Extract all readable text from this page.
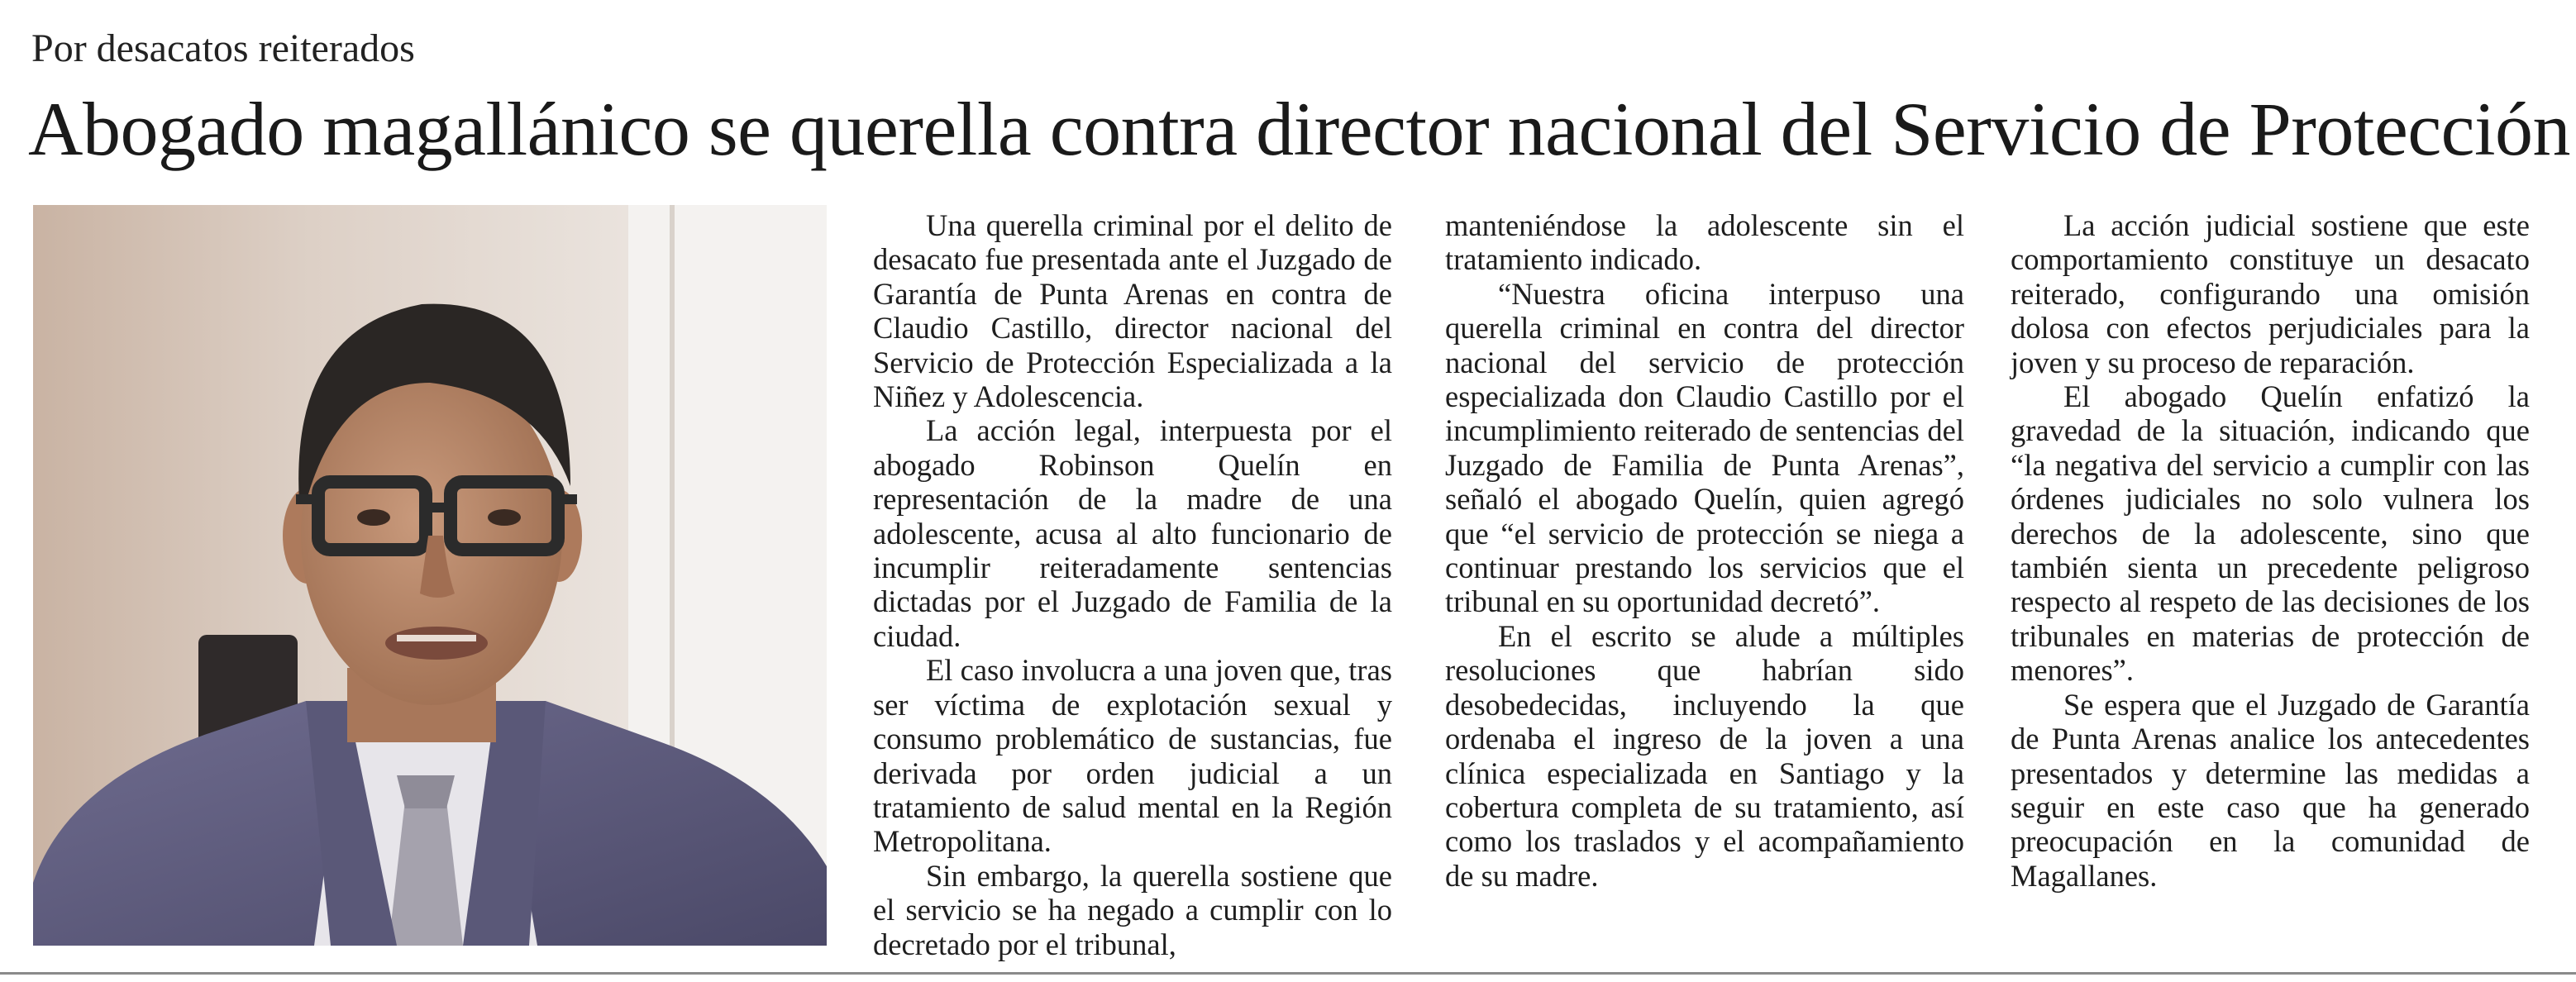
Por desacatos reiterados
Abogado magallánico se querella contra director nacional del Servicio de Protección

Una querella criminal por el delito de desacato fue presentada ante el Juzgado de Garantía de Punta Arenas en contra de Claudio Castillo, director nacional del Servicio de Protección Especializada a la Niñez y Adolescencia.

La acción legal, interpuesta por el abogado Robinson Quelín en representación de la madre de una adolescente, acusa al alto funcionario de incumplir reiteradamente sentencias dictadas por el Juzgado de Familia de la ciudad.

El caso involucra a una joven que, tras ser víctima de explotación sexual y consumo problemático de sustancias, fue derivada por orden judicial a un tratamiento de salud mental en la Región Metropolitana.

Sin embargo, la querella sostiene que el servicio se ha negado a cumplir con lo decretado por el tribunal,

manteniéndose la adolescente sin el tratamiento indicado.

“Nuestra oficina interpuso una querella criminal en contra del director nacional del servicio de protección especializada don Claudio Castillo por el incumplimiento reiterado de sentencias del Juzgado de Familia de Punta Arenas”, señaló el abogado Quelín, quien agregó que “el servicio de protección se niega a continuar prestando los servicios que el tribunal en su oportunidad decretó”.

En el escrito se alude a múltiples resoluciones que habrían sido desobedecidas, incluyendo la que ordenaba el ingreso de la joven a una clínica especializada en Santiago y la cobertura completa de su tratamiento, así como los traslados y el acompañamiento de su madre.

La acción judicial sostiene que este comportamiento constituye un desacato reiterado, configurando una omisión dolosa con efectos perjudiciales para la joven y su proceso de reparación.

El abogado Quelín enfatizó la gravedad de la situación, indicando que “la negativa del servicio a cumplir con las órdenes judiciales no solo vulnera los derechos de la adolescente, sino que también sienta un precedente peligroso respecto al respeto de las decisiones de los tribunales en materias de protección de menores”.

Se espera que el Juzgado de Garantía de Punta Arenas analice los antecedentes presentados y determine las medidas a seguir en este caso que ha generado preocupación en la comunidad de Magallanes.
